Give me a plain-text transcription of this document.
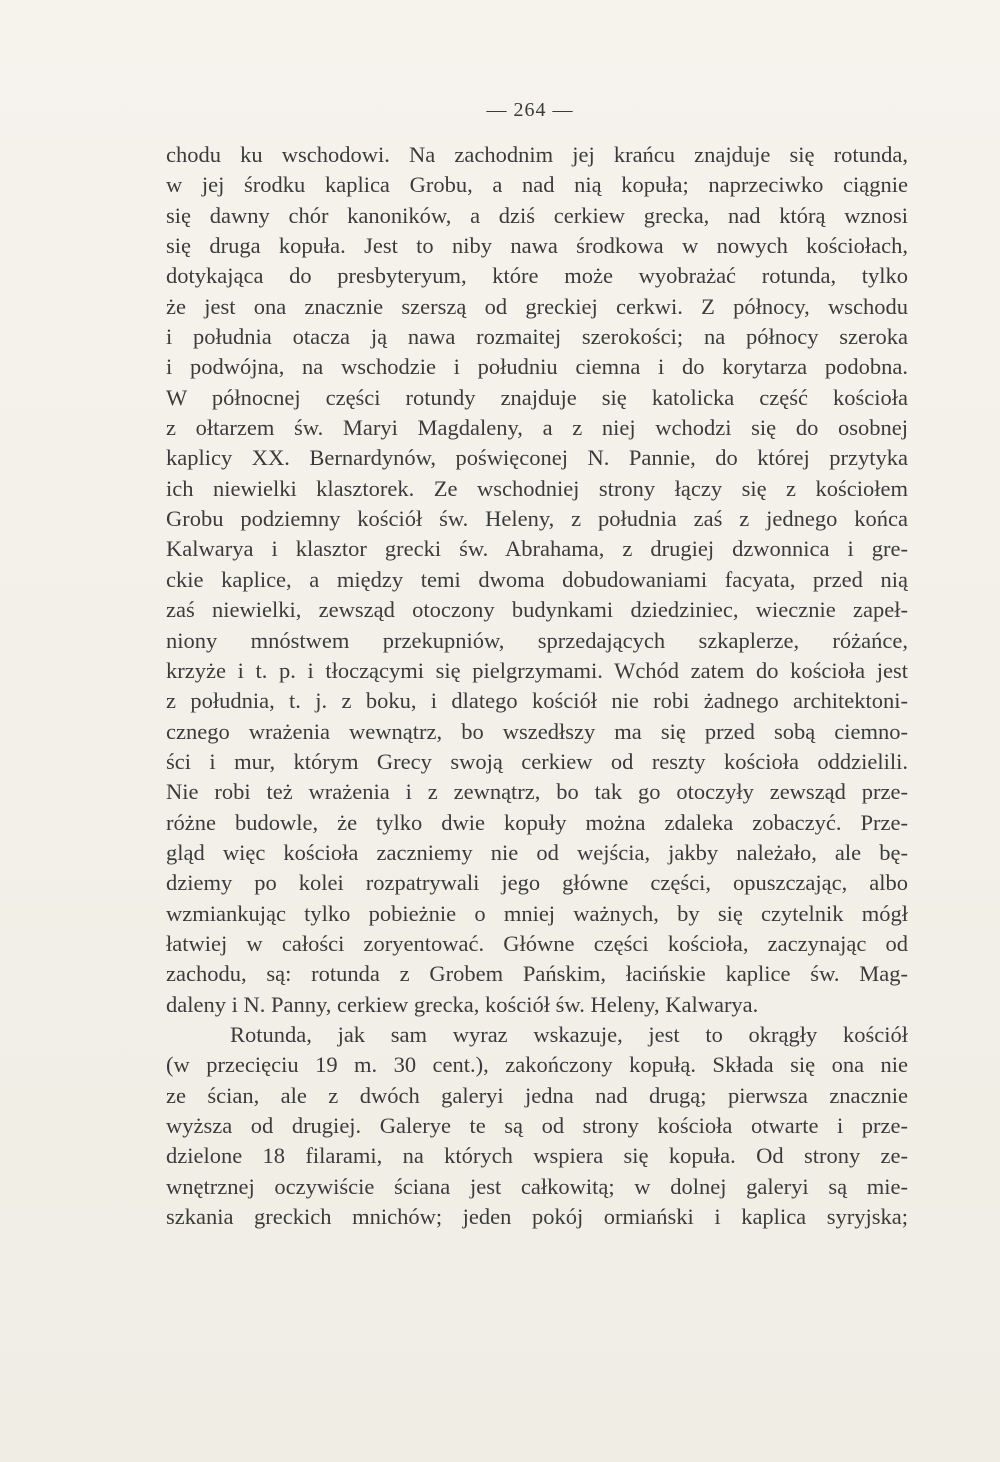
— 264 —
chodu ku wschodowi. Na zachodnim jej krańcu znajduje się rotunda,
w jej środku kaplica Grobu, a nad nią kopuła; naprzeciwko ciągnie
się dawny chór kanoników, a dziś cerkiew grecka, nad którą wznosi
się druga kopuła. Jest to niby nawa środkowa w nowych kościołach,
dotykająca do presbyteryum, które może wyobrażać rotunda, tylko
że jest ona znacznie szerszą od greckiej cerkwi. Z północy, wschodu
i południa otacza ją nawa rozmaitej szerokości; na północy szeroka
i podwójna, na wschodzie i południu ciemna i do korytarza podobna.
W północnej części rotundy znajduje się katolicka część kościoła
z ołtarzem św. Maryi Magdaleny, a z niej wchodzi się do osobnej
kaplicy XX. Bernardynów, poświęconej N. Pannie, do której przytyka
ich niewielki klasztorek. Ze wschodniej strony łączy się z kościołem
Grobu podziemny kościół św. Heleny, z południa zaś z jednego końca
Kalwarya i klasztor grecki św. Abrahama, z drugiej dzwonnica i gre-
ckie kaplice, a między temi dwoma dobudowaniami facyata, przed nią
zaś niewielki, zewsząd otoczony budynkami dziedziniec, wiecznie zapeł-
niony mnóstwem przekupniów, sprzedających szkaplerze, różańce,
krzyże i t. p. i tłoczącymi się pielgrzymami. Wchód zatem do kościoła jest
z południa, t. j. z boku, i dlatego kościół nie robi żadnego architektoni-
cznego wrażenia wewnątrz, bo wszedłszy ma się przed sobą ciemno-
ści i mur, którym Grecy swoją cerkiew od reszty kościoła oddzielili.
Nie robi też wrażenia i z zewnątrz, bo tak go otoczyły zewsząd prze-
różne budowle, że tylko dwie kopuły można zdaleka zobaczyć. Prze-
gląd więc kościoła zaczniemy nie od wejścia, jakby należało, ale bę-
dziemy po kolei rozpatrywali jego główne części, opuszczając, albo
wzmiankując tylko pobieżnie o mniej ważnych, by się czytelnik mógł
łatwiej w całości zoryentować. Główne części kościoła, zaczynając od
zachodu, są: rotunda z Grobem Pańskim, łacińskie kaplice św. Mag-
daleny i N. Panny, cerkiew grecka, kościół św. Heleny, Kalwarya.
Rotunda, jak sam wyraz wskazuje, jest to okrągły kościół
(w przecięciu 19 m. 30 cent.), zakończony kopułą. Składa się ona nie
ze ścian, ale z dwóch galeryi jedna nad drugą; pierwsza znacznie
wyższa od drugiej. Galerye te są od strony kościoła otwarte i prze-
dzielone 18 filarami, na których wspiera się kopuła. Od strony ze-
wnętrznej oczywiście ściana jest całkowitą; w dolnej galeryi są mie-
szkania greckich mnichów; jeden pokój ormiański i kaplica syryjska;
